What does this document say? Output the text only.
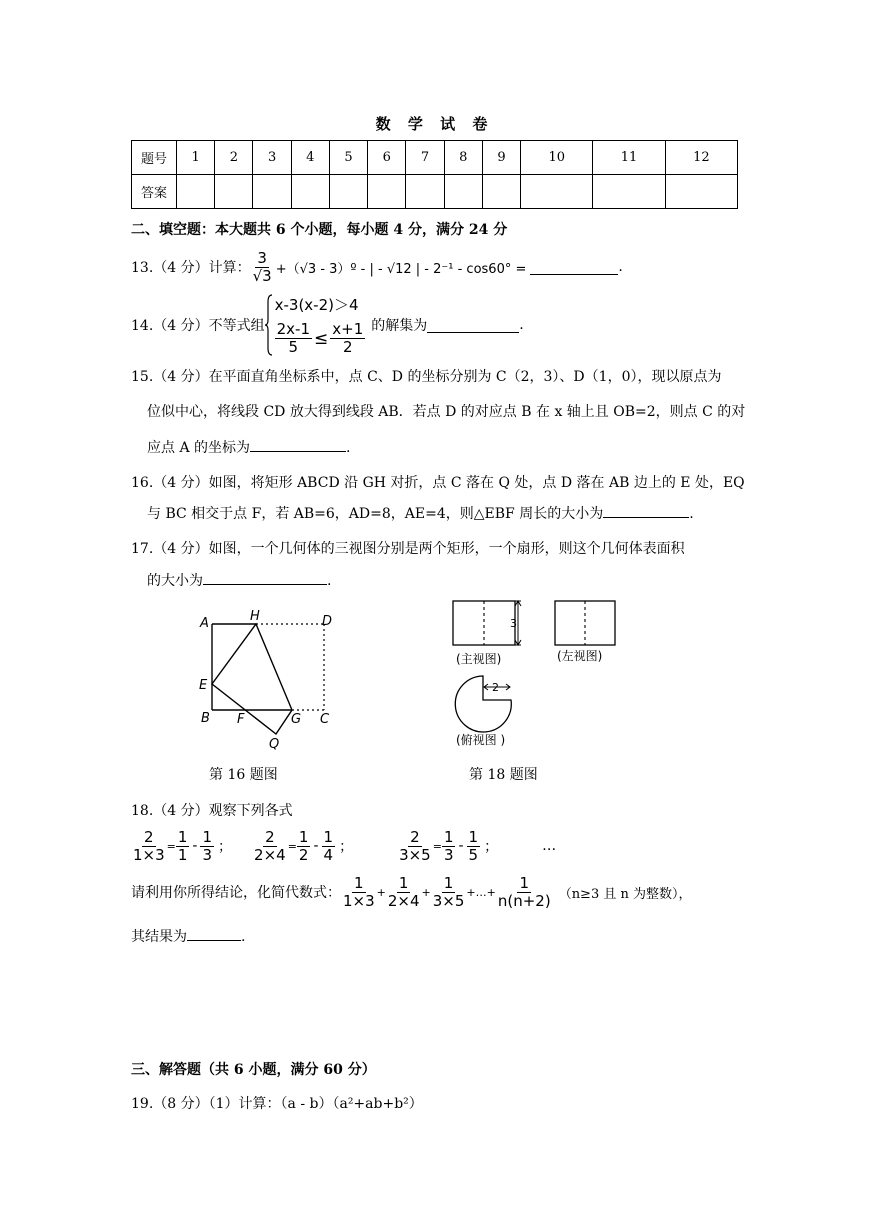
数 学 试 卷
题号	1	2	3	4	5	6	7	8	9	10	11	12
答案												
二、填空题：本大题共 6 个小题，每小题 4 分，满分 24 分
13.（4 分）计算： $\frac{3}{√3} +(√3$ - 3）º - | - √12 | - 2⁻¹ - cos60° =	.
14.（4 分）不等式组
x-3(x-2)＞4
$\frac{2x-1}{5} \le \frac{x+1}{2}$ 的解集为	.
15.（4 分）在平面直角坐标系中，点 C、D 的坐标分别为 C（2，3）、D（1，0），现以原点为
位似中心，将线段 CD 放大得到线段 AB．若点 D 的对应点 B 在 x 轴上且 OB=2，则点 C 的对
应点 A 的坐标为	.
16.（4 分）如图，将矩形 ABCD 沿 GH 对折，点 C 落在 Q 处，点 D 落在 AB 边上的 E 处，EQ
与 BC 相交于点 F，若 AB=6，AD=8，AE=4，则△EBF 周长的大小为	.
17.（4 分）如图，一个几何体的三视图分别是两个矩形，一个扇形，则这个几何体表面积
的大小为	.
A	H	D
E
B F	G C
Q
第 16 题图
3
(主视图)	(左视图)
2
(俯视图 )
第 18 题图
18.（4 分）观察下列各式
$\frac{2}{1\times 3} = \frac{1}{1} - \frac{1}{3}$ ； $\frac{2}{2\times 4} = \frac{1}{2} - \frac{1}{4}$ ；	$\frac{2}{3\times 5} = \frac{1}{3} - \frac{1}{5}$ ；	…
请利用你所得结论，化简代数式： $\frac{1}{1\times 3} + \frac{1}{2\times 4} + \frac{1}{3\times 5}$ +…+ $\frac{1}{n(n+2)} (n\ge 3$ 且 n 为整数），
其结果为	.
三、解答题（共 6 小题，满分 60 分）
19.（8 分）（1）计算：（a - b）（a²+ab+b²）
